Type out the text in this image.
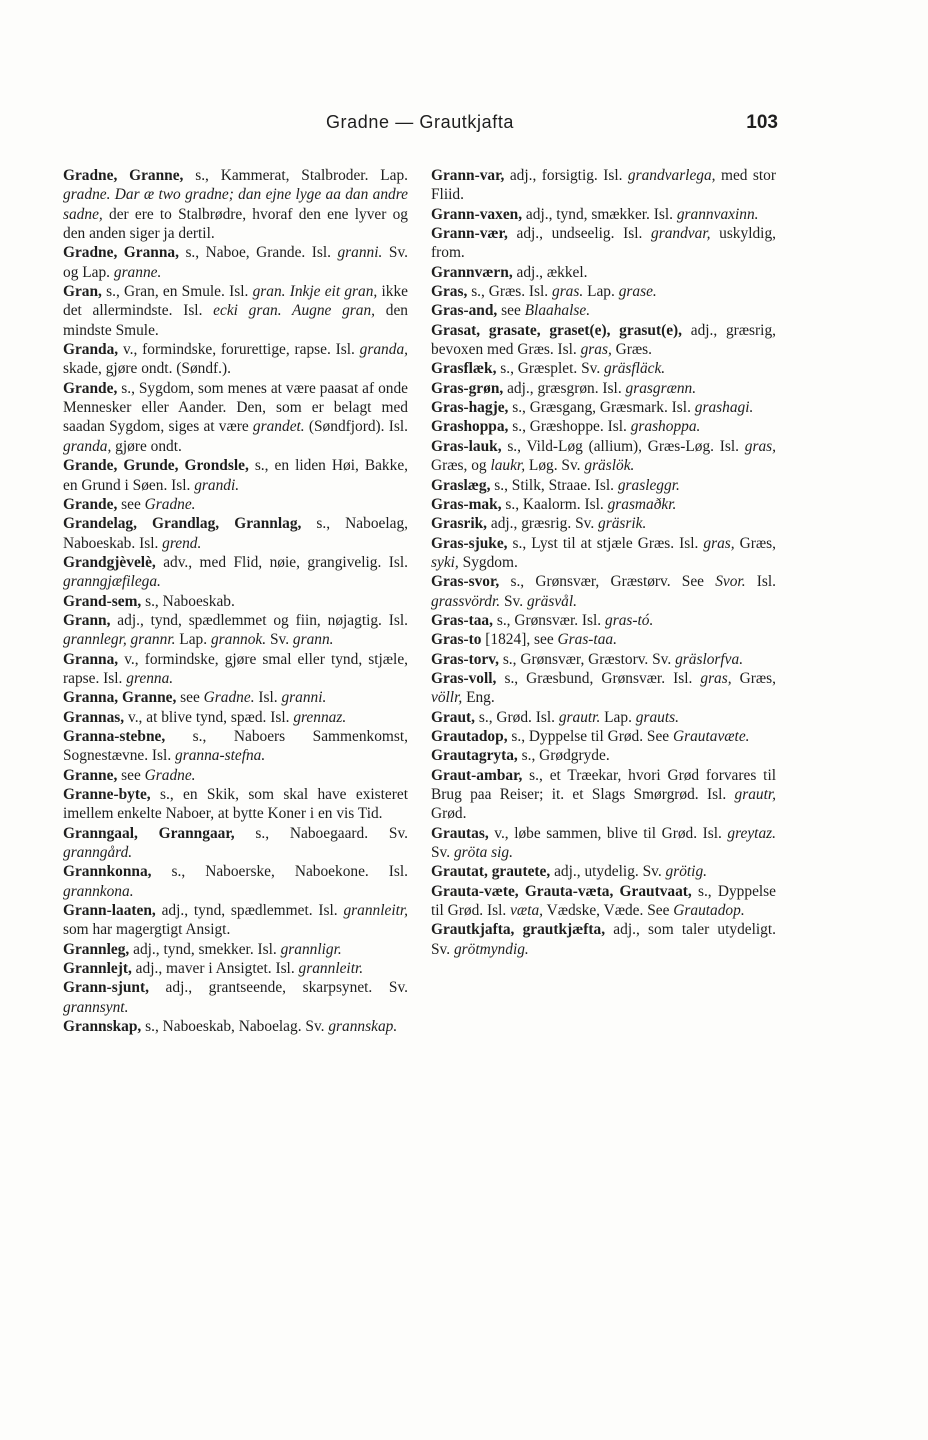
Gradne — Grautkjafta	103

Gradne, Granne, s., Kammerat, Stalbroder. Lap. gradne. Dar æ two gradne; dan ejne lyge aa dan andre sadne, der ere to Stalbrødre, hvoraf den ene lyver og den anden siger ja dertil.

Gradne, Granna, s., Naboe, Grande. Isl. granni. Sv. og Lap. granne.

Gran, s., Gran, en Smule. Isl. gran. Inkje eit gran, ikke det allermindste. Isl. ecki gran. Augne gran, den mindste Smule.

Granda, v., formindske, forurettige, rapse. Isl. granda, skade, gjøre ondt. (Søndf.).

Grande, s., Sygdom, som menes at være paasat af onde Mennesker eller Aander. Den, som er belagt med saadan Sygdom, siges at være grandet. (Søndfjord). Isl. granda, gjøre ondt.

Grande, Grunde, Grondsle, s., en liden Høi, Bakke, en Grund i Søen. Isl. grandi.

Grande, see Gradne.

Grandelag, Grandlag, Grannlag, s., Naboelag, Naboeskab. Isl. grend.

Grandgjèvelè, adv., med Flid, nøie, grangivelig. Isl. granngjæfilega.

Grand-sem, s., Naboeskab.

Grann, adj., tynd, spædlemmet og fiin, nøjagtig. Isl. grannlegr, grannr. Lap. grannok. Sv. grann.

Granna, v., formindske, gjøre smal eller tynd, stjæle, rapse. Isl. grenna.

Granna, Granne, see Gradne. Isl. granni.

Grannas, v., at blive tynd, spæd. Isl. grennaz.

Granna-stebne, s., Naboers Sammenkomst, Sognestævne. Isl. granna-stefna.

Granne, see Gradne.

Granne-byte, s., en Skik, som skal have existeret imellem enkelte Naboer, at bytte Koner i en vis Tid.

Granngaal, Granngaar, s., Naboegaard. Sv. granngård.

Grannkonna, s., Naboerske, Naboekone. Isl. grannkona.

Grann-laaten, adj., tynd, spædlemmet. Isl. grannleitr, som har magergtigt Ansigt.

Grannleg, adj., tynd, smekker. Isl. grannligr.

Grannlejt, adj., maver i Ansigtet. Isl. grannleitr.

Grann-sjunt, adj., grantseende, skarpsynet. Sv. grannsynt.

Grannskap, s., Naboeskab, Naboelag. Sv. grannskap.

Grann-var, adj., forsigtig. Isl. grandvarlega, med stor Fliid.

Grann-vaxen, adj., tynd, smækker. Isl. grannvaxinn.

Grann-vær, adj., undseelig. Isl. grandvar, uskyldig, from.

Grannværn, adj., ækkel.

Gras, s., Græs. Isl. gras. Lap. grase.

Gras-and, see Blaahalse.

Grasat, grasate, graset(e), grasut(e), adj., græsrig, bevoxen med Græs. Isl. gras, Græs.

Grasflæk, s., Græsplet. Sv. gräsfläck.

Gras-grøn, adj., græsgrøn. Isl. grasgrænn.

Gras-hagje, s., Græsgang, Græsmark. Isl. grashagi.

Grashoppa, s., Græshoppe. Isl. grashoppa.

Gras-lauk, s., Vild-Løg (allium), Græs-Løg. Isl. gras, Græs, og laukr, Løg. Sv. gräslök.

Graslæg, s., Stilk, Straae. Isl. grasleggr.

Gras-mak, s., Kaalorm. Isl. grasmaðkr.

Grasrik, adj., græsrig. Sv. gräsrik.

Gras-sjuke, s., Lyst til at stjæle Græs. Isl. gras, Græs, syki, Sygdom.

Gras-svor, s., Grønsvær, Græstørv. See Svor. Isl. grassvördr. Sv. gräsvål.

Gras-taa, s., Grønsvær. Isl. gras-tó.

Gras-to [1824], see Gras-taa.

Gras-torv, s., Grønsvær, Græstorv. Sv. gräslorfva.

Gras-voll, s., Græsbund, Grønsvær. Isl. gras, Græs, völlr, Eng.

Graut, s., Grød. Isl. grautr. Lap. grauts.

Grautadop, s., Dyppelse til Grød. See Grautavæte.

Grautagryta, s., Grødgryde.

Graut-ambar, s., et Træekar, hvori Grød forvares til Brug paa Reiser; it. et Slags Smørgrød. Isl. grautr, Grød.

Grautas, v., løbe sammen, blive til Grød. Isl. greytaz. Sv. gröta sig.

Grautat, grautete, adj., utydelig. Sv. grötig.

Grauta-væte, Grauta-væta, Grautvaat, s., Dyppelse til Grød. Isl. væta, Vædske, Væde. See Grautadop.

Grautkjafta, grautkjæfta, adj., som taler utydeligt. Sv. grötmyndig.
